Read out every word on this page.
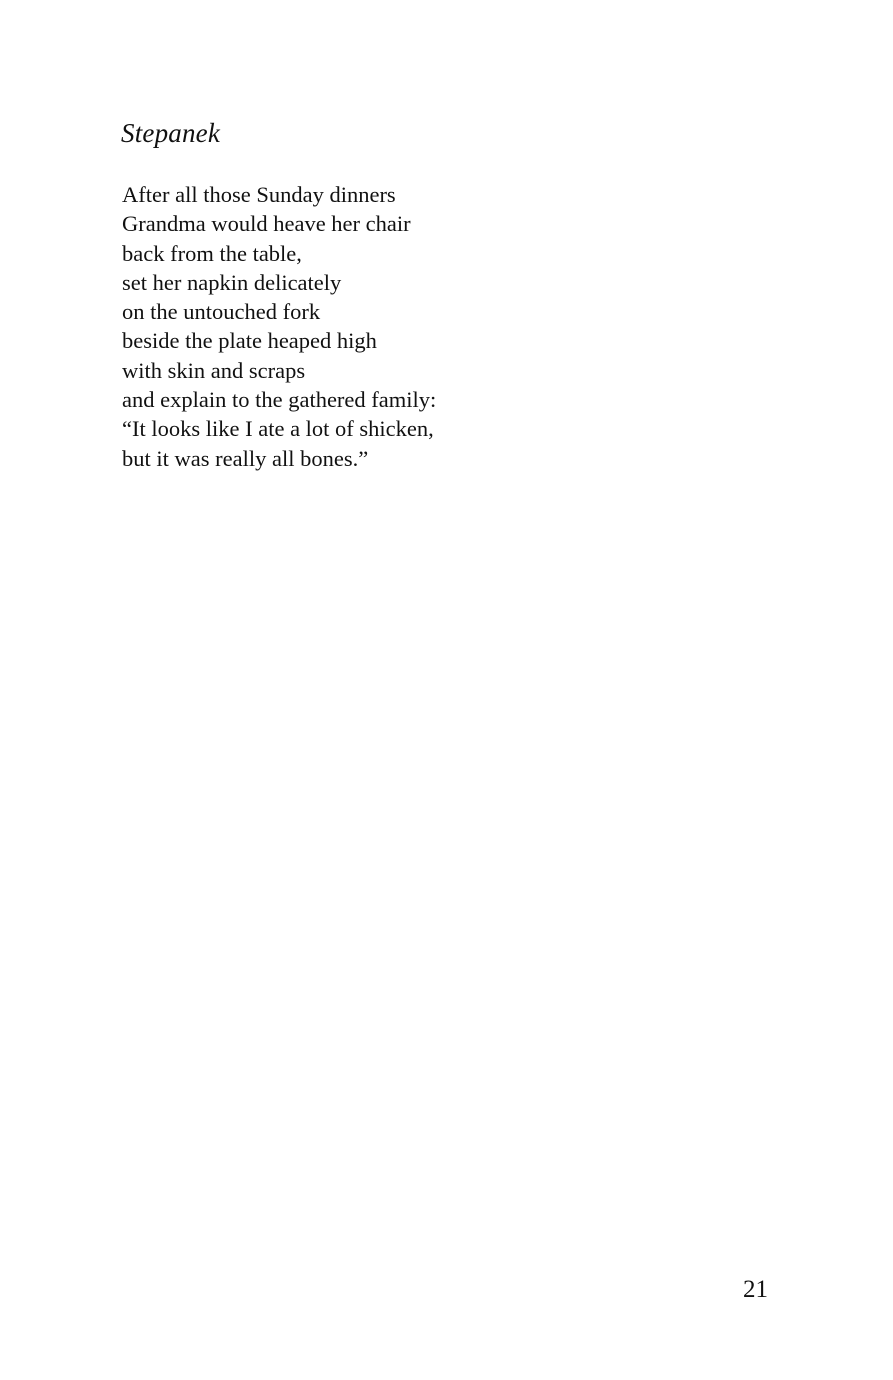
Stepanek
After all those Sunday dinners
Grandma would heave her chair
back from the table,
set her napkin delicately
on the untouched fork
beside the plate heaped high
with skin and scraps
and explain to the gathered family:
“It looks like I ate a lot of shicken,
but it was really all bones.”
21
